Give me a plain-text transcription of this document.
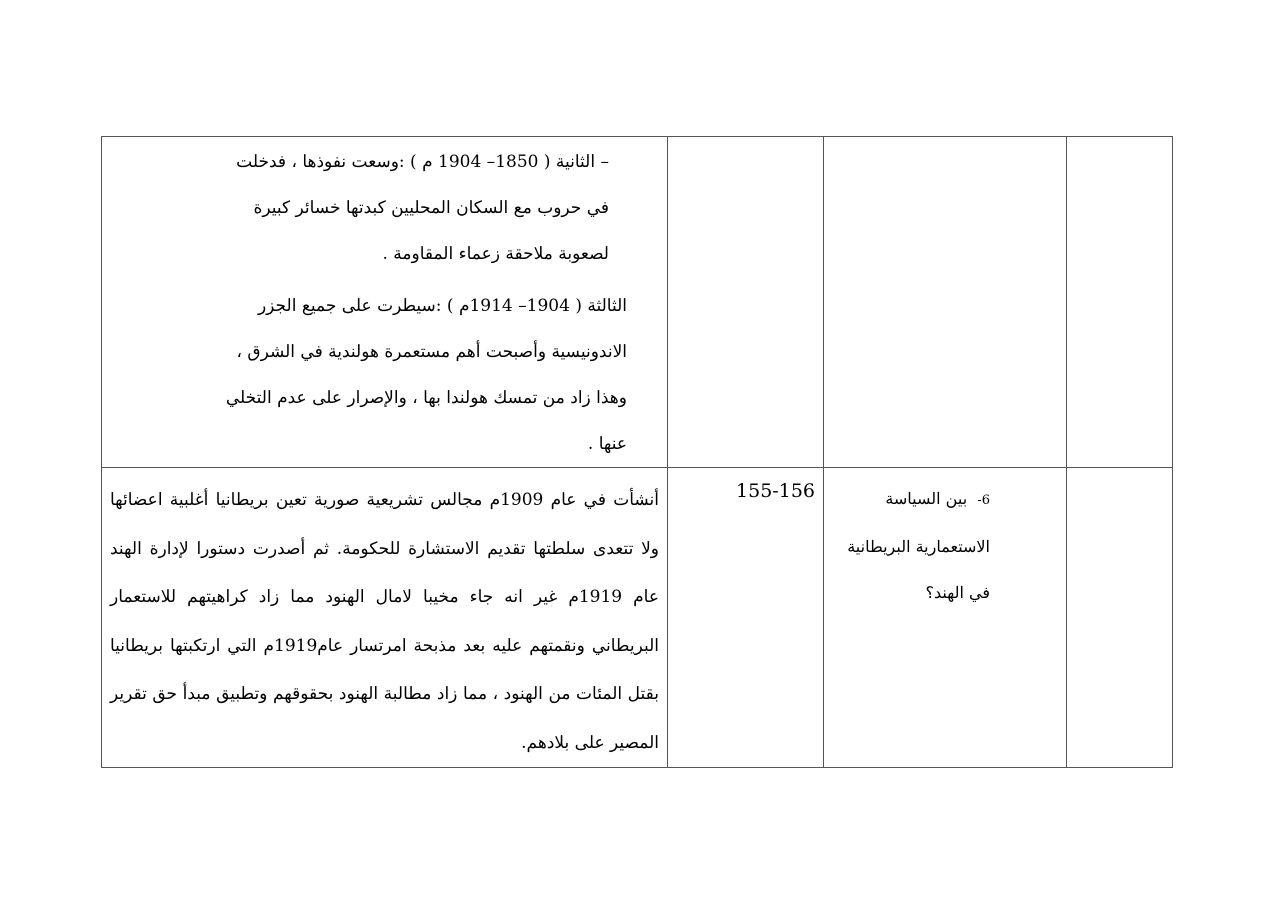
			– الثانية ( 1850– 1904 م ) :وسعت نفوذها ، فدخلت في حروب مع السكان المحليين كبدتها خسائر كبيرة لصعوبة ملاحقة زعماء المقاومة .
الثالثة ( 1904– 1914م ) :سيطرت على جميع الجزر الاندونيسية وأصبحت أهم مستعمرة هولندية في الشرق ، وهذا زاد من تمسك هولندا بها ، والإصرار على عدم التخلي عنها .

	6-  بين السياسة الاستعمارية البريطانية في الهند؟	155-156	أنشأت في عام 1909م مجالس تشريعية صورية تعين بريطانيا أغلبية اعضائها ولا تتعدى سلطتها تقديم الاستشارة للحكومة. ثم أصدرت دستورا لإدارة الهند عام 1919م غير انه جاء مخيبا لامال الهنود مما زاد كراهيتهم للاستعمار البريطاني ونقمتهم عليه بعد مذبحة امرتسار عام1919م التي ارتكبتها بريطانيا بقتل المئات من الهنود ، مما زاد مطالبة الهنود بحقوقهم وتطبيق مبدأ حق تقرير المصير على بلادهم.
